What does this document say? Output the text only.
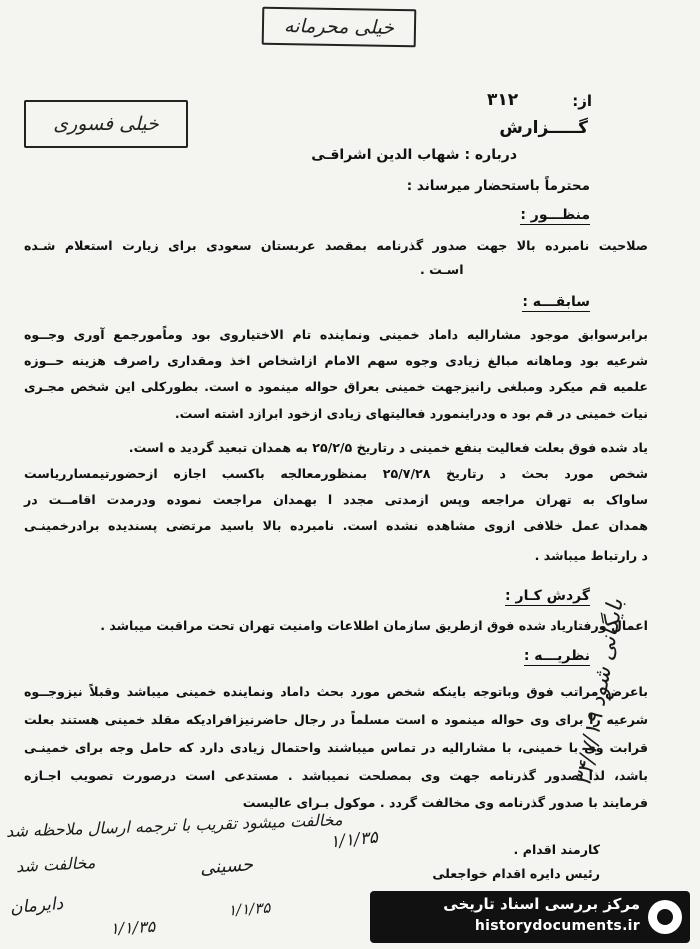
خیلی محرمانه
خیلی فسوری
از:
۳۱۲
گـــــزارش
درباره : شهاب الدین اشراقـی
محترماً باستحضار میرساند :
منظـــور :
صلاحیت نامبرده بالا جهت صدور گذرنامه بمقصد عربستان سعودی برای زیارت استعلام شـده
اسـت .
سابقـــه :
برابرسوابق موجود مشارالیه داماد خمینی ونماینده تام الاختیاروی بود وماًمورجمع آوری وجــوه
شرعیه بود وماهانه مبالغ زیادی وجوه سهم الامام ازاشخاص اخذ ومقداری راصرف هزینه حــوزه
علمیه قم میکرد ومبلغی رانیزجهت خمینی بعراق حواله مینمود ه است. بطورکلی این شخص مجـری
نیات خمینی در قم بود ه ودراینمورد فعالیتهای زیادی ازخود ابرازد اشته است.
یاد شده فوق بعلت فعالیت بنفع خمینی د رتاریخ ۲۵/۲/۵ به همدان تبعید گردید ه است.
شخص مورد بحث د رتاریخ ۲۵/۷/۲۸ بمنظورمعالجه باکسب اجازه ازحضورتیمساررياست
ساواک به تهران مراجعه وپس ازمدتی مجدد ا بهمدان مراجعت نموده ودرمدت اقامــت در
همدان عمل خلافی ازوی مشاهده نشده است. نامبرده بالا باسید مرتضی پسندیده برادرخمینـی
د رارتباط میباشد .
گردش کـار :
اعمال ورفتاریاد شده فوق ازطریق سازمان اطلاعات وامنیت تهران تحت مراقبت میباشد .
نظریـــه :
باعرض مراتب فوق وباتوجه باینکه شخص مورد بحث داماد ونماینده خمینی میباشد وقبلاً نیزوجــوه
شرعیه را برای وی حواله مینمود ه است مسلماً در رجال حاضرنیزافرادیکه مقلد خمینی هستند بعلت
قرابت وی با خمینی، با مشارالیه در تماس میباشند واحتمال زیادی دارد که حامل وجه برای خمینـی
باشد، لذا صدور گذرنامه جهت وی بمصلحت نمیباشد . مستدعی است درصورت تصویب اجـازه
فرمایند با صدور گذرنامه وی مخالفت گردد . موکول بـرای عالیست
کارمند اقدام .
رئیس دایره اقدام خواجعلی
مخالفت میشود تقریب با ترجمه ارسال ملاحظه شد
مخالفت شد	حسینی
دایرمان
۱/۱/۳۵
۱/۱/۳۵
۱/۱/۳۵
بایگانی شود ۳۴/۷/۱۹
مرکز بررسی اسناد تاریخی
historydocuments.ir
